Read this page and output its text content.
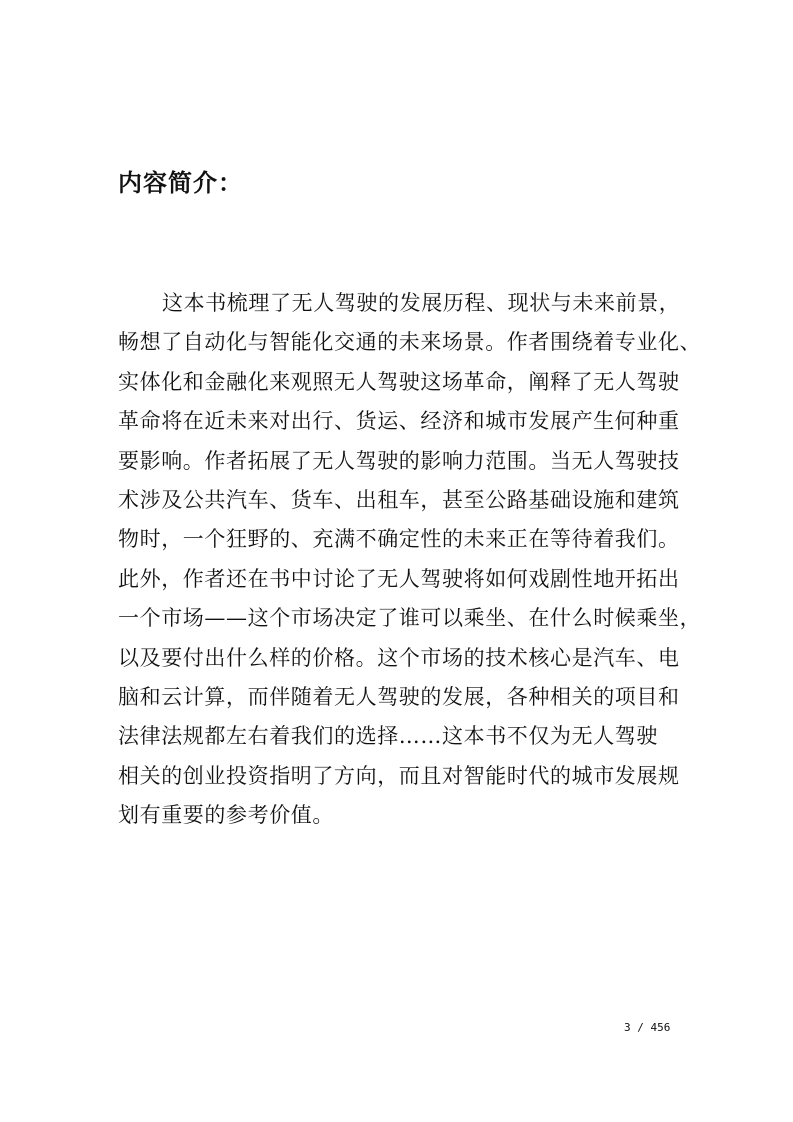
内容简介：
这本书梳理了无人驾驶的发展历程、现状与未来前景，
畅想了自动化与智能化交通的未来场景。作者围绕着专业化、
实体化和金融化来观照无人驾驶这场革命，阐释了无人驾驶
革命将在近未来对出行、货运、经济和城市发展产生何种重
要影响。作者拓展了无人驾驶的影响力范围。当无人驾驶技
术涉及公共汽车、货车、出租车，甚至公路基础设施和建筑
物时，一个狂野的、充满不确定性的未来正在等待着我们。
此外，作者还在书中讨论了无人驾驶将如何戏剧性地开拓出
一个市场——这个市场决定了谁可以乘坐、在什么时候乘坐，
以及要付出什么样的价格。这个市场的技术核心是汽车、电
脑和云计算，而伴随着无人驾驶的发展，各种相关的项目和
法律法规都左右着我们的选择……这本书不仅为无人驾驶
相关的创业投资指明了方向，而且对智能时代的城市发展规
划有重要的参考价值。
3 / 456
